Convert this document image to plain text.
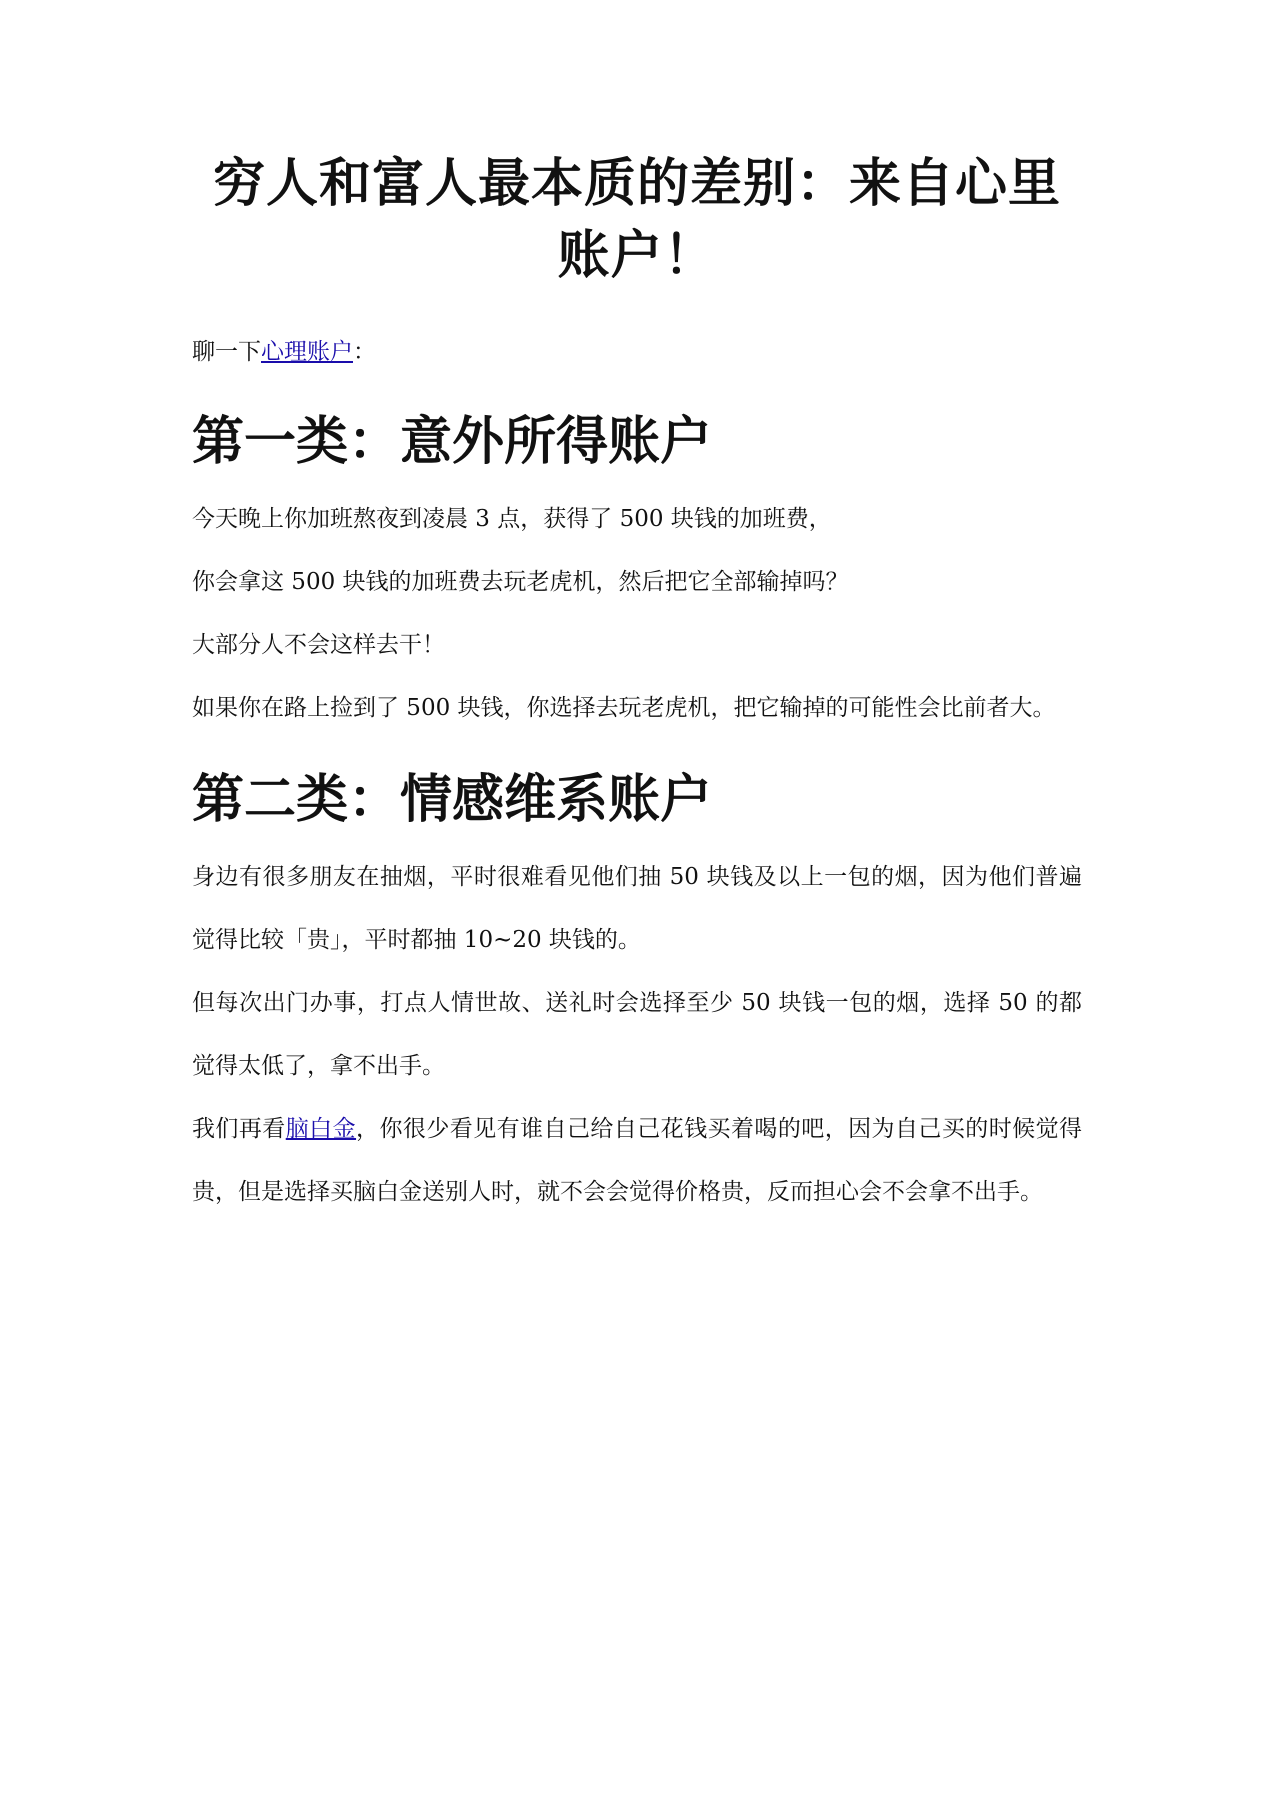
穷人和富人最本质的差别：来自心里账户！

聊一下心理账户：

第一类：意外所得账户

今天晚上你加班熬夜到凌晨 3 点，获得了 500 块钱的加班费，

你会拿这 500 块钱的加班费去玩老虎机，然后把它全部输掉吗？

大部分人不会这样去干！

如果你在路上捡到了 500 块钱，你选择去玩老虎机，把它输掉的可能性会比前者大。

第二类：情感维系账户

身边有很多朋友在抽烟，平时很难看见他们抽 50 块钱及以上一包的烟，因为他们普遍觉得比较「贵」，平时都抽 10~20 块钱的。

但每次出门办事，打点人情世故、送礼时会选择至少 50 块钱一包的烟，选择 50 的都觉得太低了，拿不出手。

我们再看脑白金，你很少看见有谁自己给自己花钱买着喝的吧，因为自己买的时候觉得贵，但是选择买脑白金送别人时，就不会会觉得价格贵，反而担心会不会拿不出手。
